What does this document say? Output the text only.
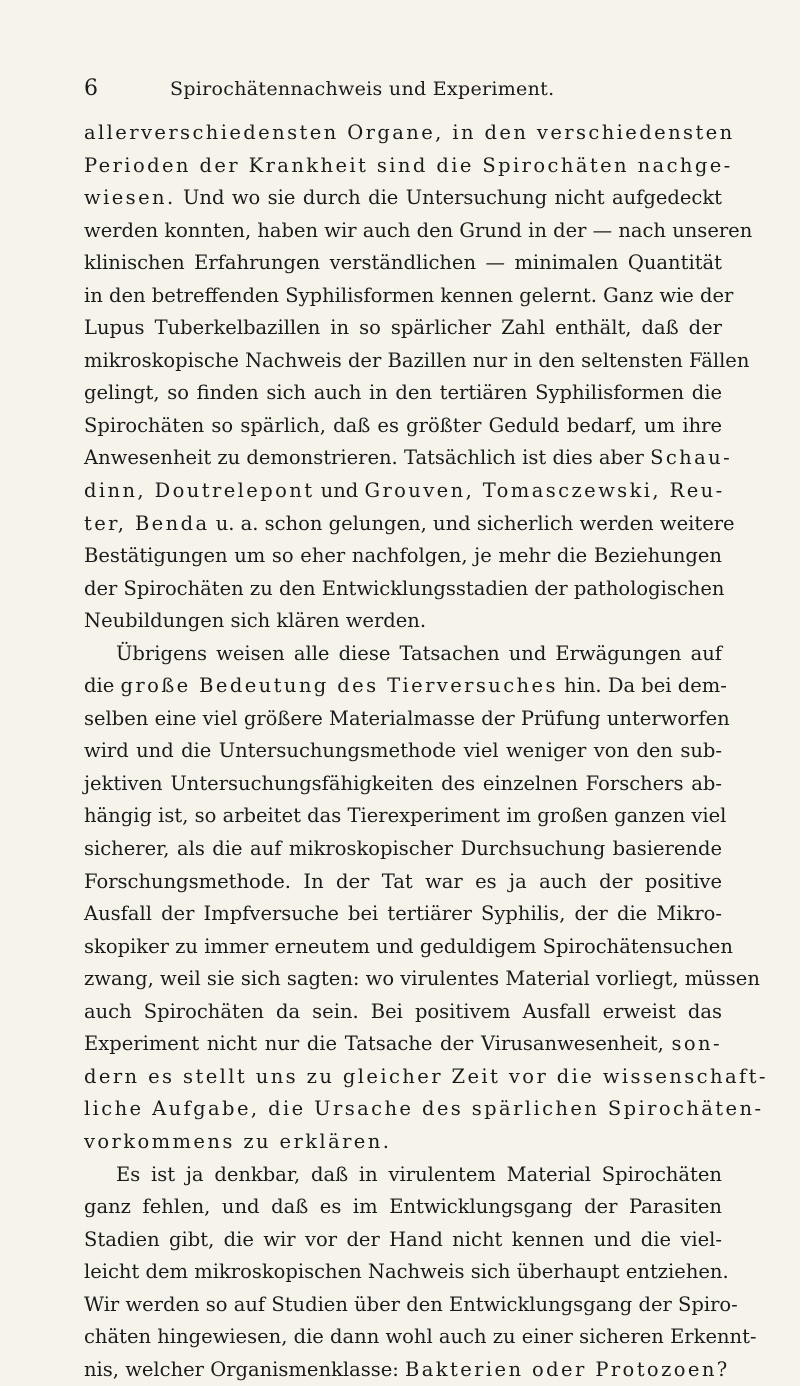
6	Spirochätennachweis und Experiment.
allerverschiedensten Organe, in den verschiedensten
Perioden der Krankheit sind die Spirochäten nachge-
wiesen. Und wo sie durch die Untersuchung nicht aufgedeckt
werden konnten, haben wir auch den Grund in der — nach unseren
klinischen Erfahrungen verständlichen — minimalen Quantität
in den betreffenden Syphilisformen kennen gelernt. Ganz wie der
Lupus Tuberkelbazillen in so spärlicher Zahl enthält, daß der
mikroskopische Nachweis der Bazillen nur in den seltensten Fällen
gelingt, so finden sich auch in den tertiären Syphilisformen die
Spirochäten so spärlich, daß es größter Geduld bedarf, um ihre
Anwesenheit zu demonstrieren. Tatsächlich ist dies aber Schau-
dinn, Doutrelepont und Grouven, Tomasczewski, Reu-
ter, Benda u. a. schon gelungen, und sicherlich werden weitere
Bestätigungen um so eher nachfolgen, je mehr die Beziehungen
der Spirochäten zu den Entwicklungsstadien der pathologischen
Neubildungen sich klären werden.
Übrigens weisen alle diese Tatsachen und Erwägungen auf
die große Bedeutung des Tierversuches hin. Da bei dem-
selben eine viel größere Materialmasse der Prüfung unterworfen
wird und die Untersuchungsmethode viel weniger von den sub-
jektiven Untersuchungsfähigkeiten des einzelnen Forschers ab-
hängig ist, so arbeitet das Tierexperiment im großen ganzen viel
sicherer, als die auf mikroskopischer Durchsuchung basierende
Forschungsmethode. In der Tat war es ja auch der positive
Ausfall der Impfversuche bei tertiärer Syphilis, der die Mikro-
skopiker zu immer erneutem und geduldigem Spirochätensuchen
zwang, weil sie sich sagten: wo virulentes Material vorliegt, müssen
auch Spirochäten da sein. Bei positivem Ausfall erweist das
Experiment nicht nur die Tatsache der Virusanwesenheit, son-
dern es stellt uns zu gleicher Zeit vor die wissenschaft-
liche Aufgabe, die Ursache des spärlichen Spirochäten-
vorkommens zu erklären.
Es ist ja denkbar, daß in virulentem Material Spirochäten
ganz fehlen, und daß es im Entwicklungsgang der Parasiten
Stadien gibt, die wir vor der Hand nicht kennen und die viel-
leicht dem mikroskopischen Nachweis sich überhaupt entziehen.
Wir werden so auf Studien über den Entwicklungsgang der Spiro-
chäten hingewiesen, die dann wohl auch zu einer sicheren Erkennt-
nis, welcher Organismenklasse: Bakterien oder Protozoen?
